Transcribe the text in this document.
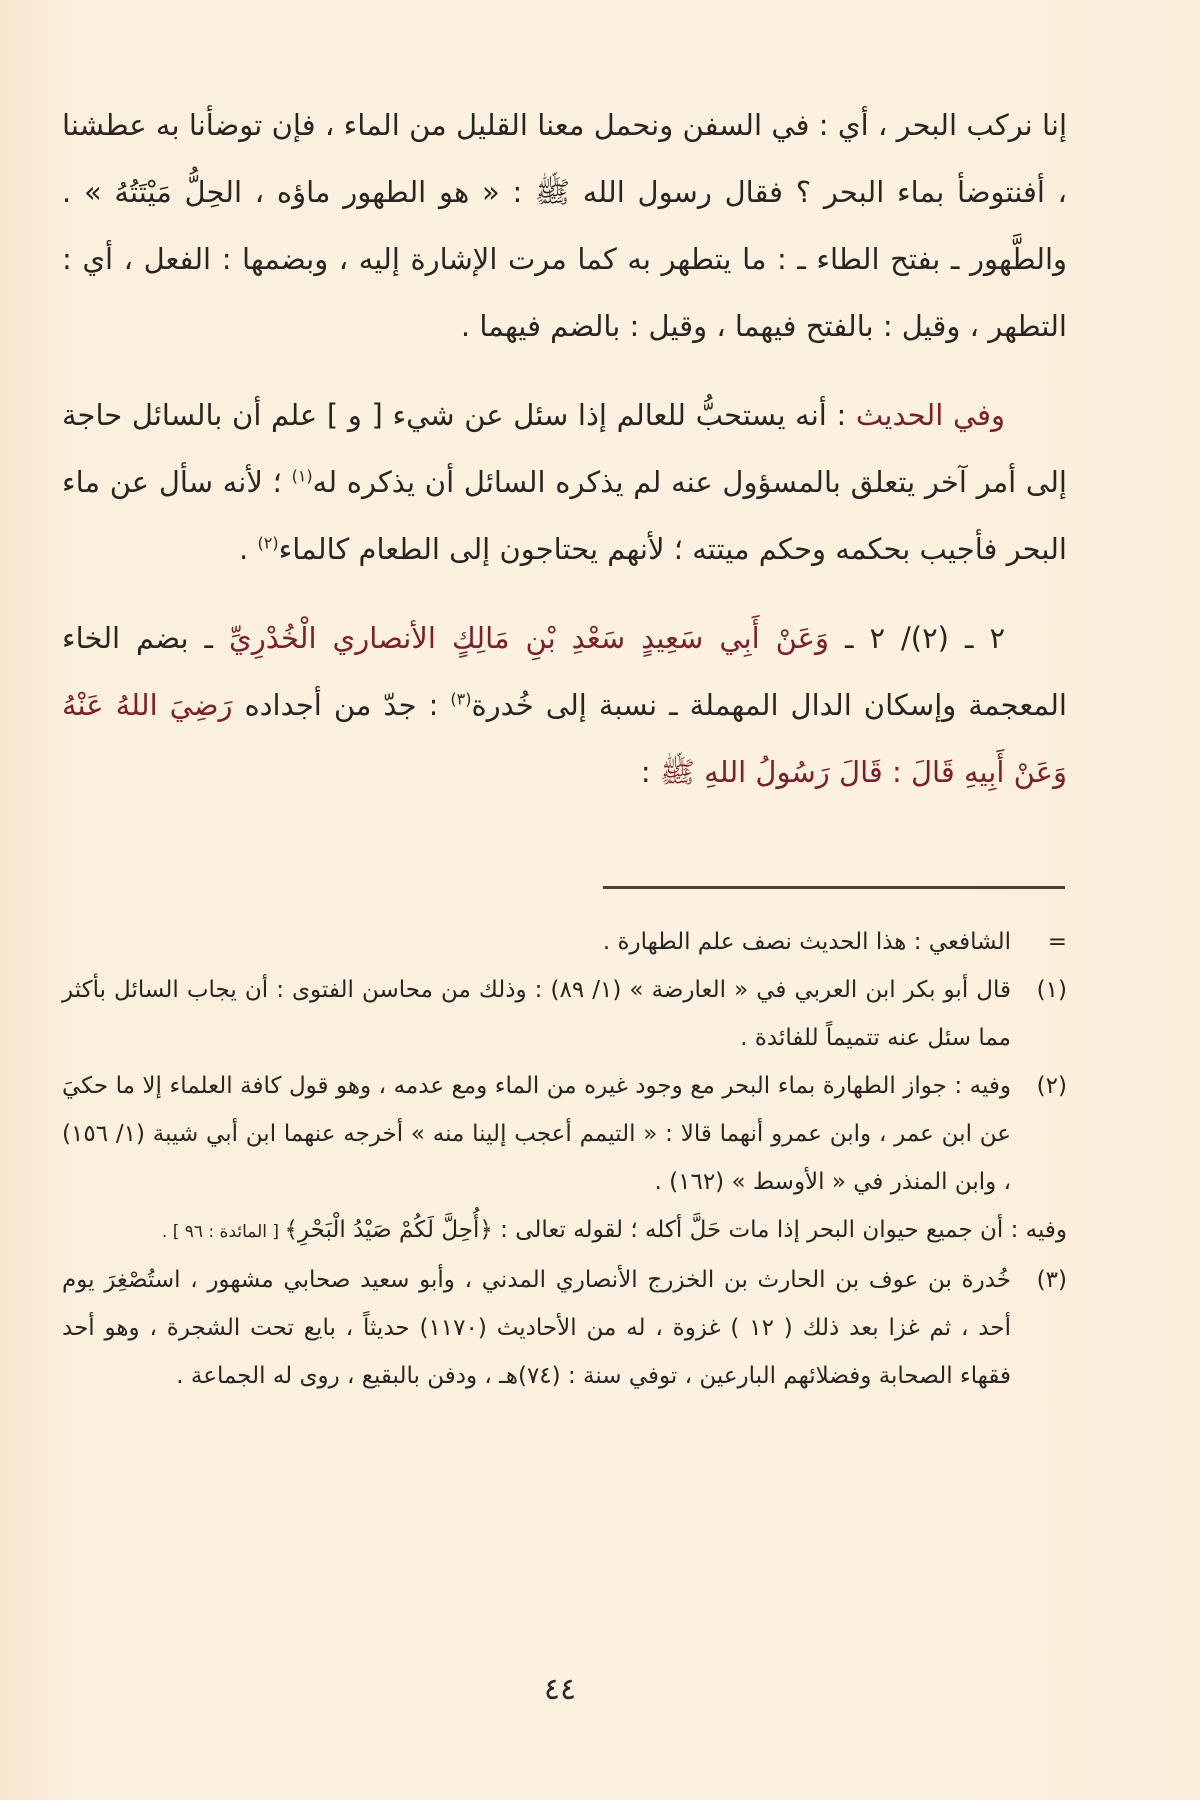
إنا نركب البحر ، أي : في السفن ونحمل معنا القليل من الماء ، فإن توضأنا به عطشنا ، أفنتوضأ بماء البحر ؟ فقال رسول الله ﷺ : « هو الطهور ماؤه ، الحِلُّ مَيْتَتُهُ » . والطَّهور ـ بفتح الطاء ـ : ما يتطهر به كما مرت الإشارة إليه ، وبضمها : الفعل ، أي : التطهر ، وقيل : بالفتح فيهما ، وقيل : بالضم فيهما .

وفي الحديث : أنه يستحبُّ للعالم إذا سئل عن شيء [ و ] علم أن بالسائل حاجة إلى أمر آخر يتعلق بالمسؤول عنه لم يذكره السائل أن يذكره له$^{(١)}$ ؛ لأنه سأل عن ماء البحر فأجيب بحكمه وحكم ميتته ؛ لأنهم يحتاجون إلى الطعام كالماء$^{(٢)}$ .

٢ ـ (٢)/ ٢ ـ وَعَنْ أَبِي سَعِيدٍ سَعْدِ بْنِ مَالِكٍ الأنصاري الْخُدْرِيِّ ـ بضم الخاء المعجمة وإسكان الدال المهملة ـ نسبة إلى خُدرة$^{(٣)}$ : جدّ من أجداده رَضِيَ اللهُ عَنْهُ وَعَنْ أَبِيهِ قَالَ : قَالَ رَسُولُ اللهِ ﷺ :

=
الشافعي : هذا الحديث نصف علم الطهارة .
(١)
قال أبو بكر ابن العربي في « العارضة » (١/ ٨٩) : وذلك من محاسن الفتوى : أن يجاب السائل بأكثر مما سئل عنه تتميماً للفائدة .
(٢)
وفيه : جواز الطهارة بماء البحر مع وجود غيره من الماء ومع عدمه ، وهو قول كافة العلماء إلا ما حكيَ عن ابن عمر ، وابن عمرو أنهما قالا : « التيمم أعجب إلينا منه » أخرجه عنهما ابن أبي شيبة (١/ ١٥٦) ، وابن المنذر في « الأوسط » (١٦٢) .
وفيه : أن جميع حيوان البحر إذا مات حَلَّ أكله ؛ لقوله تعالى : ﴿أُحِلَّ لَكُمْ صَيْدُ الْبَحْرِ﴾ [ المائدة : ٩٦ ] .
(٣)
خُدرة بن عوف بن الحارث بن الخزرج الأنصاري المدني ، وأبو سعيد صحابي مشهور ، استُصْغِرَ يوم أحد ، ثم غزا بعد ذلك ( ١٢ ) غزوة ، له من الأحاديث (١١٧٠) حديثاً ، بايع تحت الشجرة ، وهو أحد فقهاء الصحابة وفضلائهم البارعين ، توفي سنة : (٧٤)هـ ، ودفن بالبقيع ، روى له الجماعة .
٤٤
